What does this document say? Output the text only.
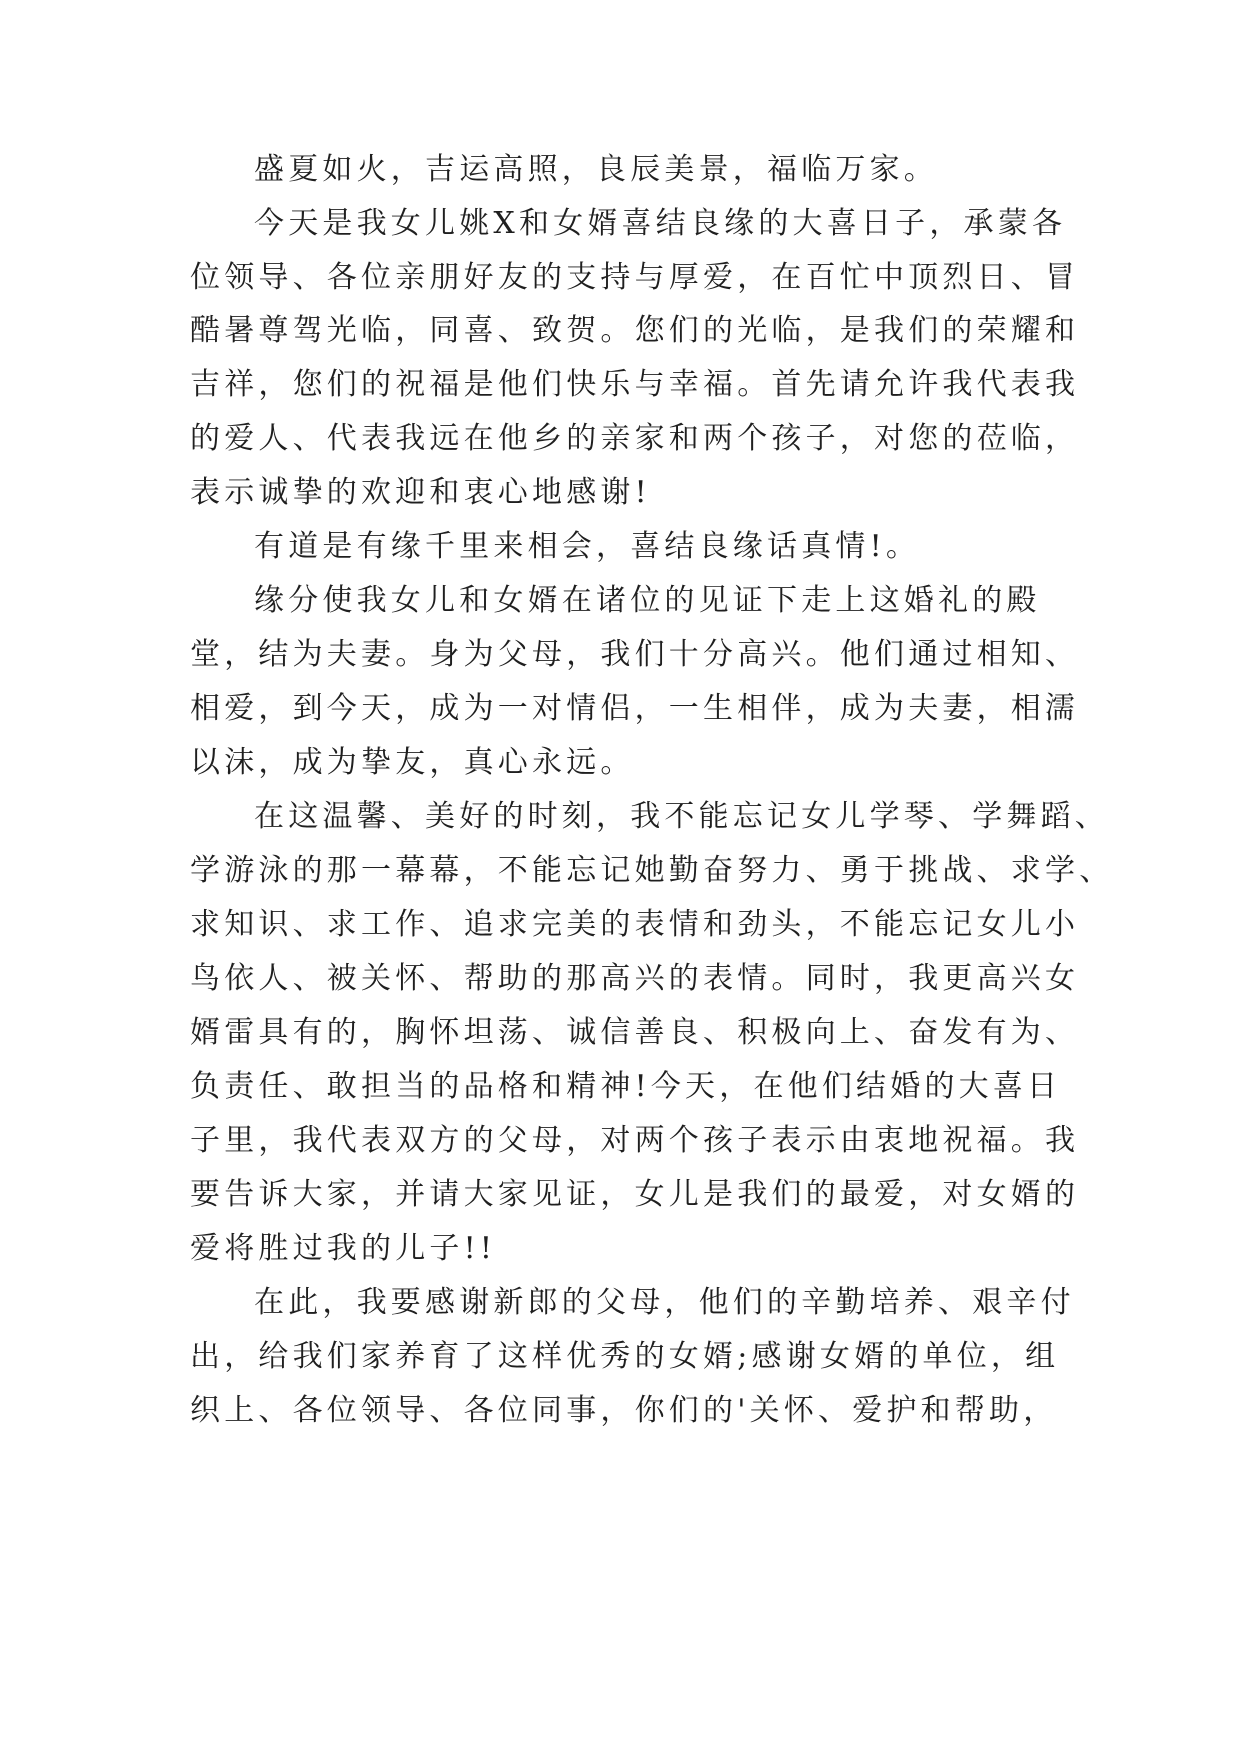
盛夏如火，吉运高照，良辰美景，福临万家。
今天是我女儿姚X和女婿喜结良缘的大喜日子，承蒙各
位领导、各位亲朋好友的支持与厚爱，在百忙中顶烈日、冒
酷暑尊驾光临，同喜、致贺。您们的光临，是我们的荣耀和
吉祥，您们的祝福是他们快乐与幸福。首先请允许我代表我
的爱人、代表我远在他乡的亲家和两个孩子，对您的莅临，
表示诚挚的欢迎和衷心地感谢!
有道是有缘千里来相会，喜结良缘话真情!。
缘分使我女儿和女婿在诸位的见证下走上这婚礼的殿
堂，结为夫妻。身为父母，我们十分高兴。他们通过相知、
相爱，到今天，成为一对情侣，一生相伴，成为夫妻，相濡
以沫，成为挚友，真心永远。
在这温馨、美好的时刻，我不能忘记女儿学琴、学舞蹈、
学游泳的那一幕幕，不能忘记她勤奋努力、勇于挑战、求学、
求知识、求工作、追求完美的表情和劲头，不能忘记女儿小
鸟依人、被关怀、帮助的那高兴的表情。同时，我更高兴女
婿雷具有的，胸怀坦荡、诚信善良、积极向上、奋发有为、
负责任、敢担当的品格和精神!今天，在他们结婚的大喜日
子里，我代表双方的父母，对两个孩子表示由衷地祝福。我
要告诉大家，并请大家见证，女儿是我们的最爱，对女婿的
爱将胜过我的儿子!!
在此，我要感谢新郎的父母，他们的辛勤培养、艰辛付
出，给我们家养育了这样优秀的女婿;感谢女婿的单位，组
织上、各位领导、各位同事，你们的'关怀、爱护和帮助，
